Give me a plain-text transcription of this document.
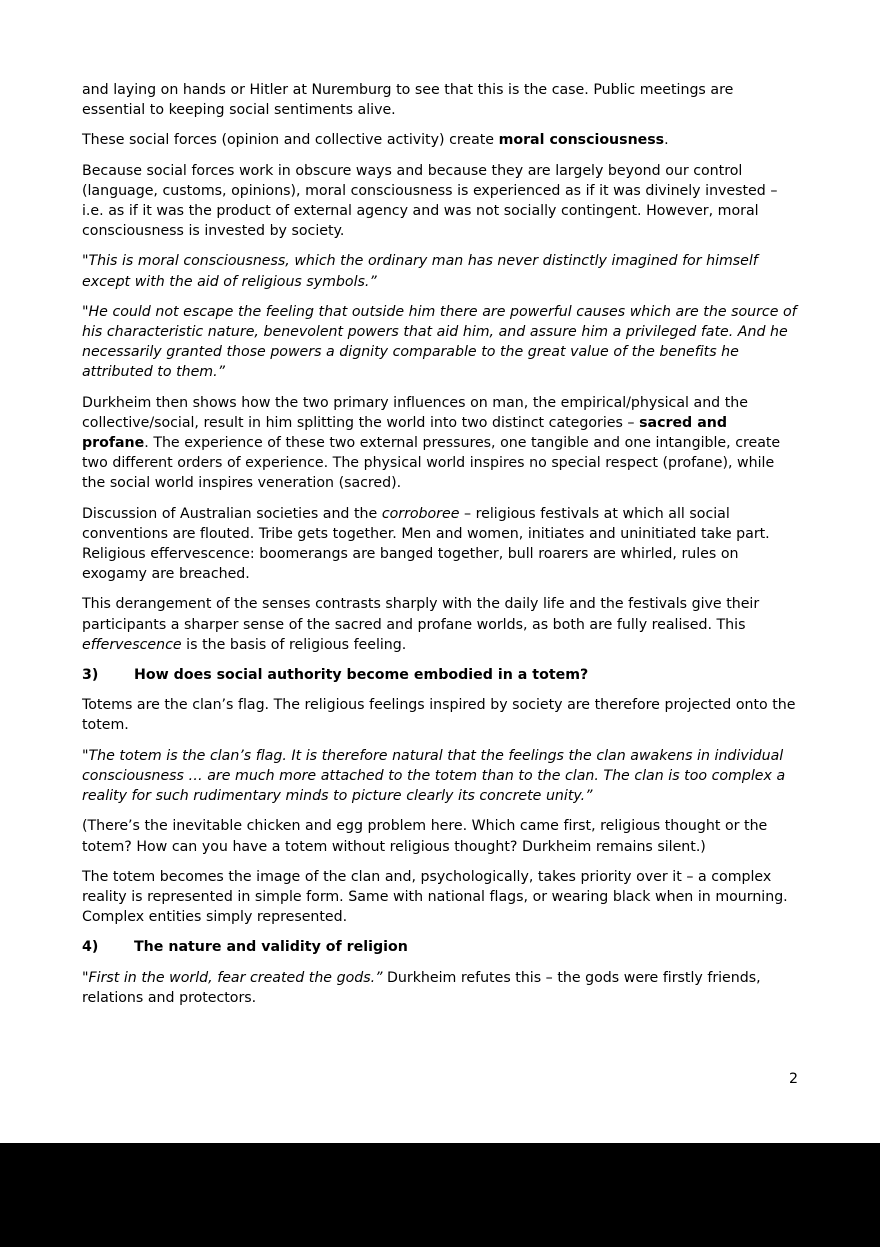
and laying on hands or Hitler at Nuremburg to see that this is the case. Public meetings are essential to keeping social sentiments alive.

These social forces (opinion and collective activity) create moral consciousness.

Because social forces work in obscure ways and because they are largely beyond our control (language, customs, opinions), moral consciousness is experienced as if it was divinely invested – i.e. as if it was the product of external agency and was not socially contingent. However, moral consciousness is invested by society.

"This is moral consciousness, which the ordinary man has never distinctly imagined for himself except with the aid of religious symbols.”

"He could not escape the feeling that outside him there are powerful causes which are the source of his characteristic nature, benevolent powers that aid him, and assure him a privileged fate. And he necessarily granted those powers a dignity comparable to the great value of the benefits he attributed to them.”

Durkheim then shows how the two primary influences on man, the empirical/physical and the collective/social, result in him splitting the world into two distinct categories – sacred and profane. The experience of these two external pressures, one tangible and one intangible, create two different orders of experience. The physical world inspires no special respect (profane), while the social world inspires veneration (sacred).

Discussion of Australian societies and the corroboree – religious festivals at which all social conventions are flouted. Tribe gets together. Men and women, initiates and uninitiated take part. Religious effervescence: boomerangs are banged together, bull roarers are whirled, rules on exogamy are breached.

This derangement of the senses contrasts sharply with the daily life and the festivals give their participants a sharper sense of the sacred and profane worlds, as both are fully realised. This effervescence is the basis of religious feeling.

3)	How does social authority become embodied in a totem?

Totems are the clan’s flag. The religious feelings inspired by society are therefore projected onto the totem.

"The totem is the clan’s flag. It is therefore natural that the feelings the clan awakens in individual consciousness … are much more attached to the totem than to the clan. The clan is too complex a reality for such rudimentary minds to picture clearly its concrete unity.”

(There’s the inevitable chicken and egg problem here. Which came first, religious thought or the totem? How can you have a totem without religious thought? Durkheim remains silent.)

The totem becomes the image of the clan and, psychologically, takes priority over it – a complex reality is represented in simple form. Same with national flags, or wearing black when in mourning. Complex entities simply represented.

4)	The nature and validity of religion

"First in the world, fear created the gods.” Durkheim refutes this – the gods were firstly friends, relations and protectors.

2
